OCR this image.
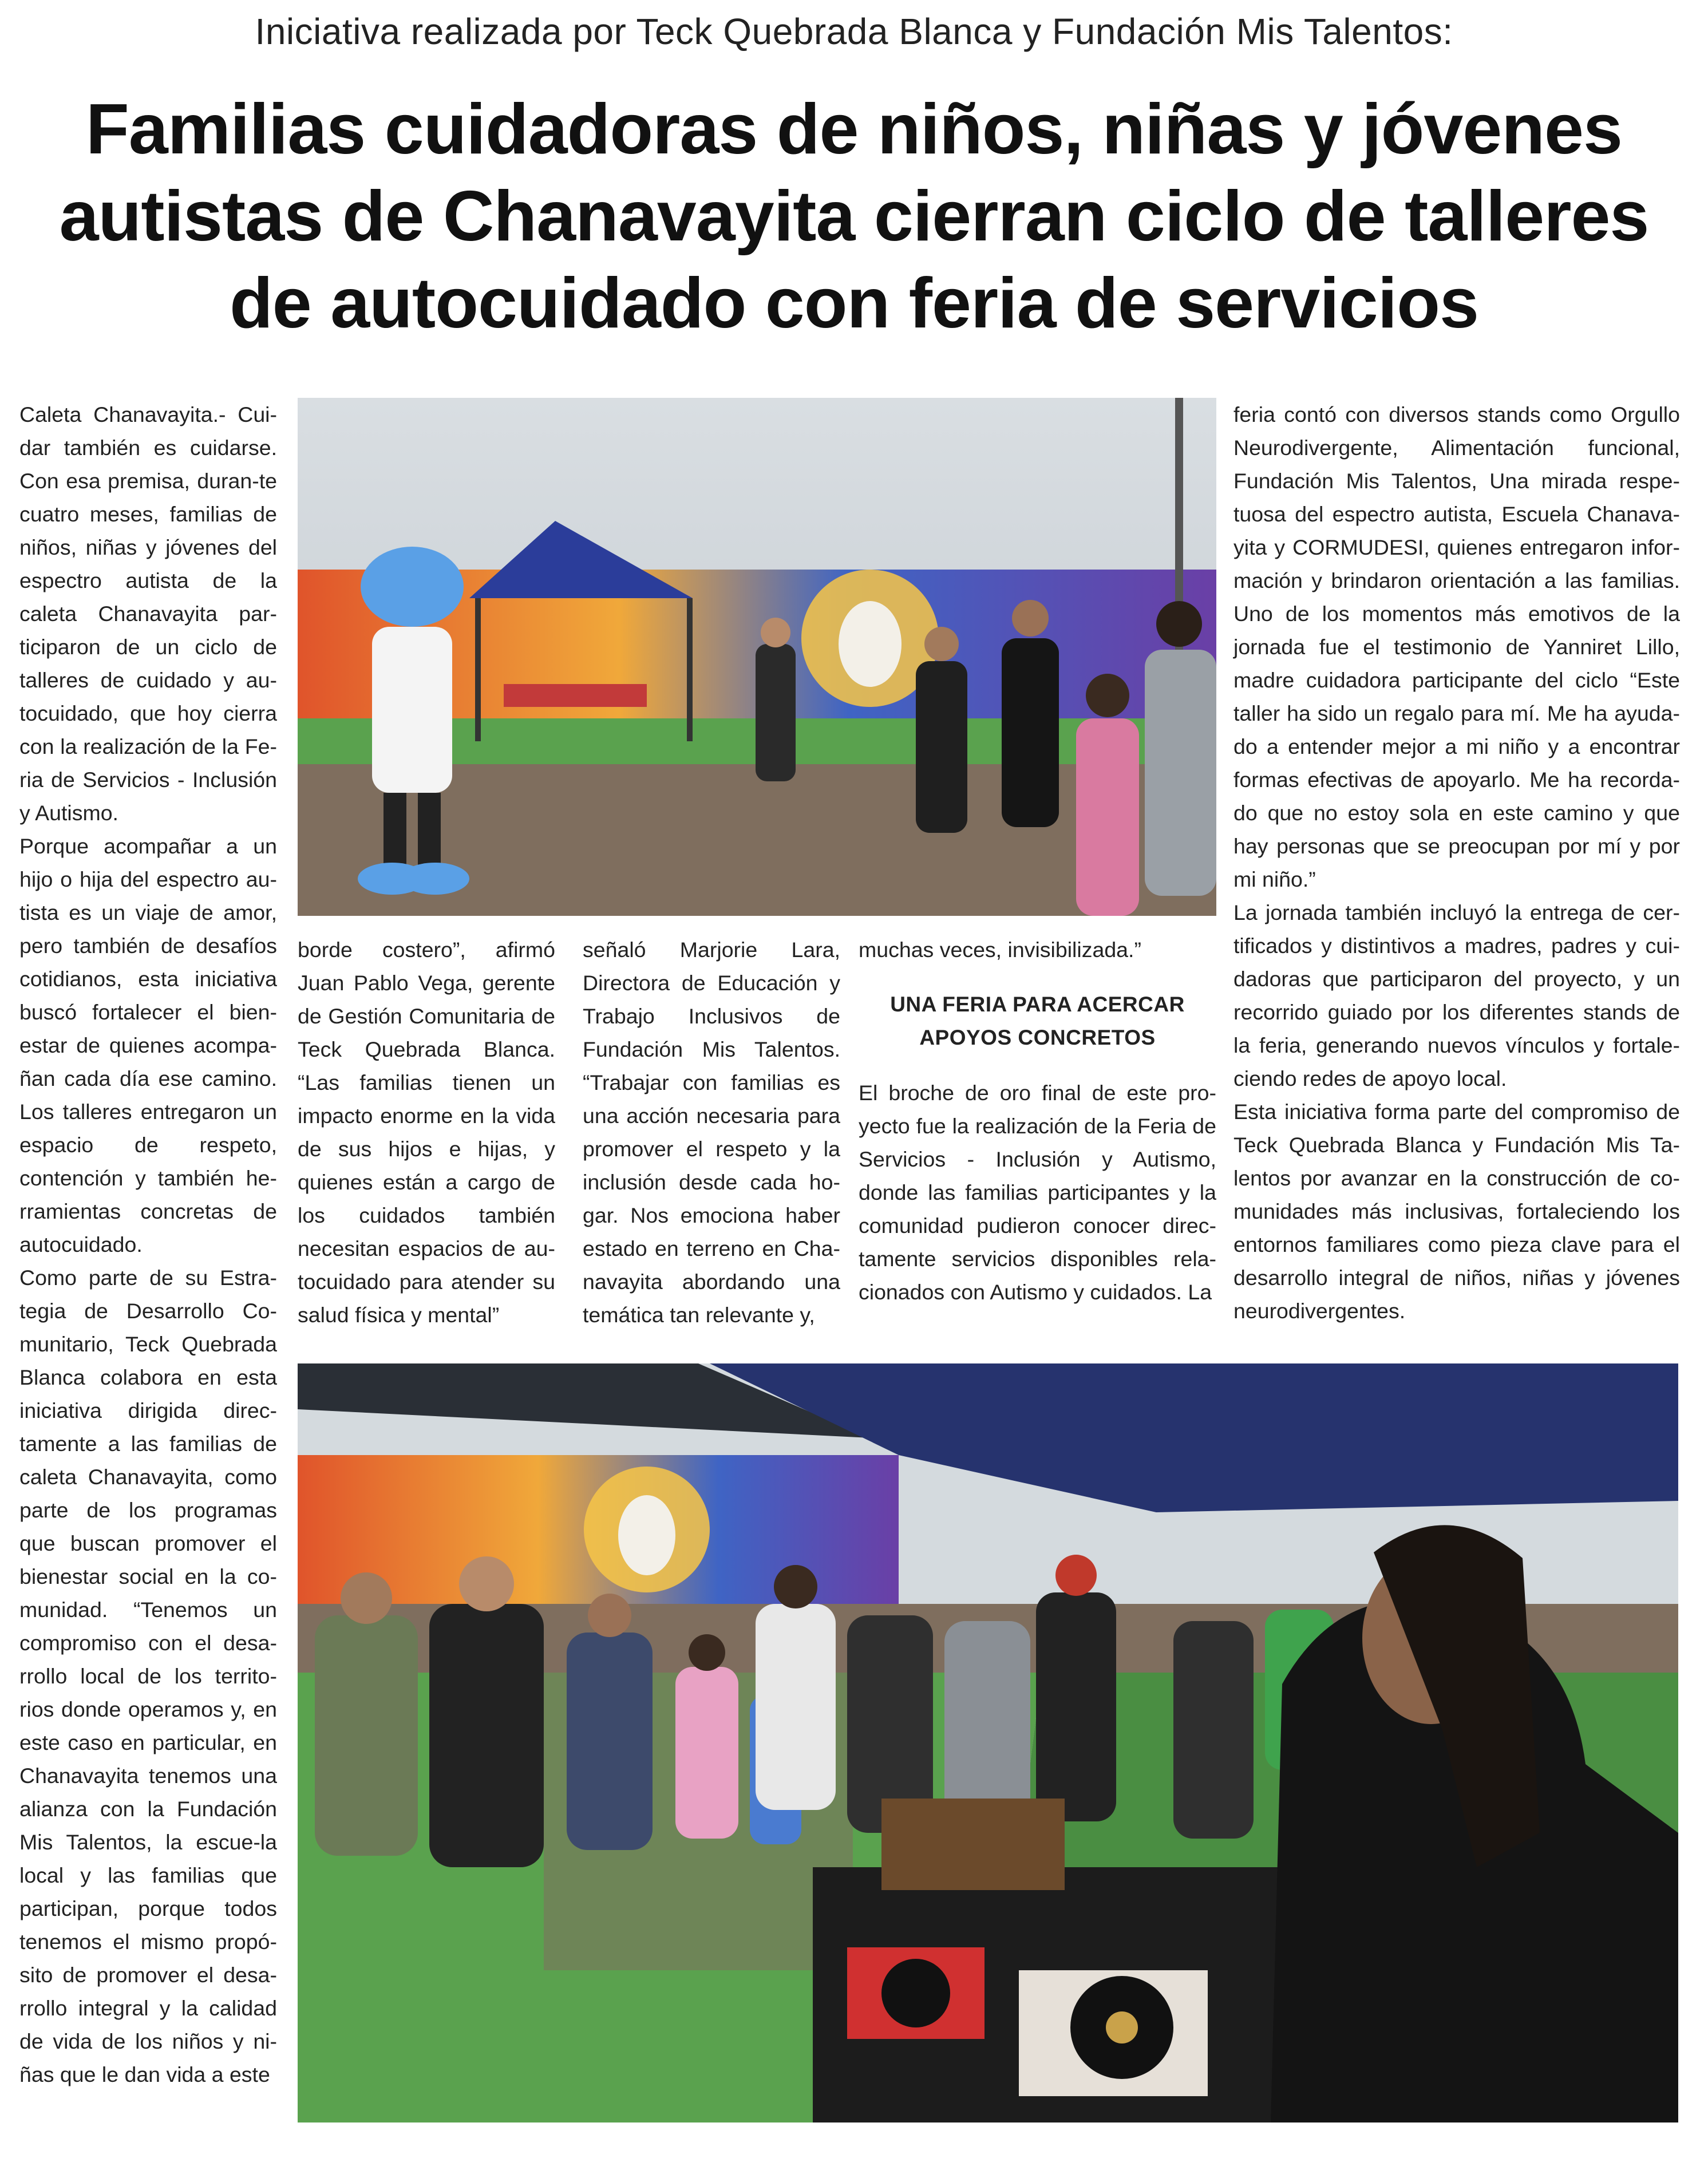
Iniciativa realizada por Teck Quebrada Blanca y Fundación Mis Talentos:
Familias cuidadoras de niños, niñas y jóvenes
autistas de Chanavayita cierran ciclo de talleres
de autocuidado con feria de servicios

Caleta Chanavayita.- Cui-dar también es cuidarse. Con esa premisa, duran-te cuatro meses, familias de niños, niñas y jóvenes del espectro autista de la caleta Chanavayita par-ticiparon de un ciclo de talleres de cuidado y au-tocuidado, que hoy cierra con la realización de la Fe-ria de Servicios - Inclusión y Autismo.

Porque acompañar a un hijo o hija del espectro au-tista es un viaje de amor, pero también de desafíos cotidianos, esta iniciativa buscó fortalecer el bien-estar de quienes acompa-ñan cada día ese camino. Los talleres entregaron un espacio de respeto, contención y también he-rramientas concretas de autocuidado.

Como parte de su Estra-tegia de Desarrollo Co-munitario, Teck Quebrada Blanca colabora en esta iniciativa dirigida direc-tamente a las familias de caleta Chanavayita, como parte de los programas que buscan promover el bienestar social en la co-munidad. “Tenemos un compromiso con el desa-rrollo local de los territo-rios donde operamos y, en este caso en particular, en Chanavayita tenemos una alianza con la Fundación Mis Talentos, la escue-la local y las familias que participan, porque todos tenemos el mismo propó-sito de promover el desa-rrollo integral y la calidad de vida de los niños y ni-ñas que le dan vida a este

borde costero”, afirmó Juan Pablo Vega, gerente de Gestión Comunitaria de Teck Quebrada Blanca. “Las familias tienen un impacto enorme en la vida de sus hijos e hijas, y quienes están a cargo de los cuidados también necesitan espacios de au-tocuidado para atender su salud física y mental”

señaló Marjorie Lara, Directora de Educación y Trabajo Inclusivos de Fundación Mis Talentos. “Trabajar con familias es una acción necesaria para promover el respeto y la inclusión desde cada ho-gar. Nos emociona haber estado en terreno en Cha-navayita abordando una temática tan relevante y,

muchas veces, invisibilizada.”

UNA FERIA PARA ACERCAR
APOYOS CONCRETOS

El broche de oro final de este pro-yecto fue la realización de la Feria de Servicios - Inclusión y Autismo, donde las familias participantes y la comunidad pudieron conocer direc-tamente servicios disponibles rela-cionados con Autismo y cuidados. La

feria contó con diversos stands como Orgullo Neurodivergente, Alimentación funcional, Fundación Mis Talentos, Una mirada respe-tuosa del espectro autista, Escuela Chanava-yita y CORMUDESI, quienes entregaron infor-mación y brindaron orientación a las familias. Uno de los momentos más emotivos de la jornada fue el testimonio de Yanniret Lillo, madre cuidadora participante del ciclo “Este taller ha sido un regalo para mí. Me ha ayuda-do a entender mejor a mi niño y a encontrar formas efectivas de apoyarlo. Me ha recorda-do que no estoy sola en este camino y que hay personas que se preocupan por mí y por mi niño.”

La jornada también incluyó la entrega de cer-tificados y distintivos a madres, padres y cui-dadoras que participaron del proyecto, y un recorrido guiado por los diferentes stands de la feria, generando nuevos vínculos y fortale-ciendo redes de apoyo local.

Esta iniciativa forma parte del compromiso de Teck Quebrada Blanca y Fundación Mis Ta-lentos por avanzar en la construcción de co-munidades más inclusivas, fortaleciendo los entornos familiares como pieza clave para el desarrollo integral de niños, niñas y jóvenes neurodivergentes.
